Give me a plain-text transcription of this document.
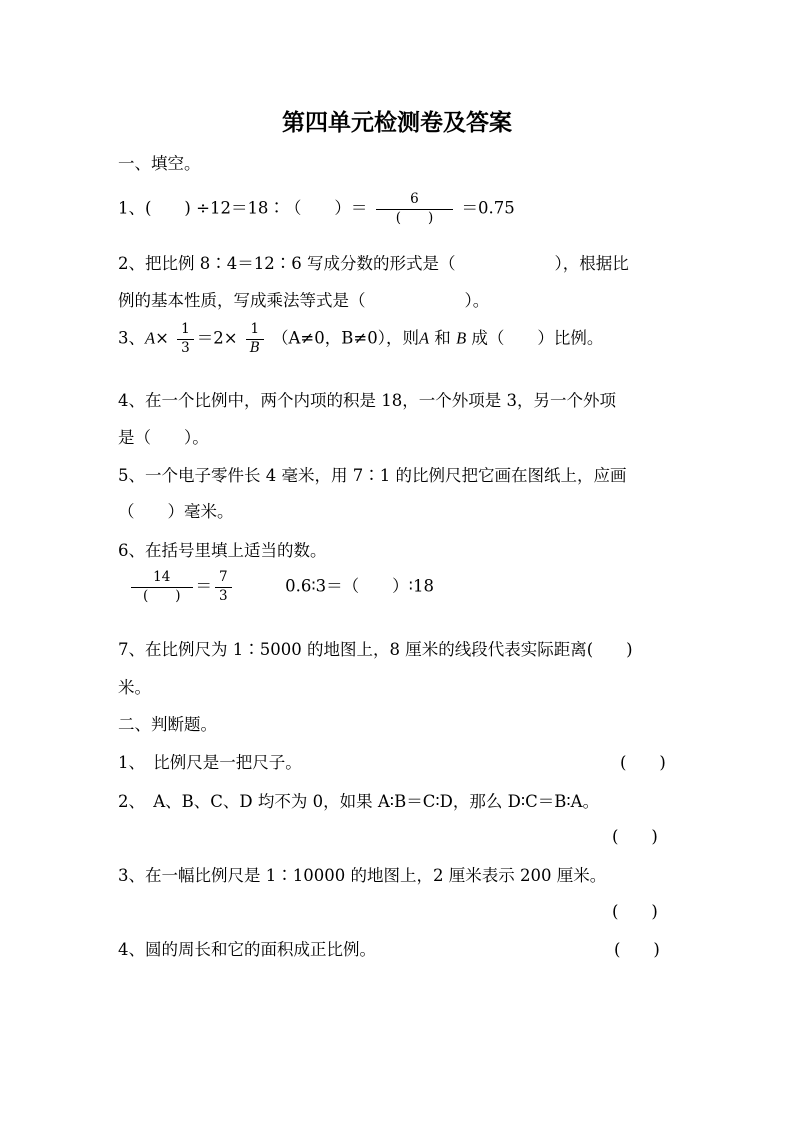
第四单元检测卷及答案
一、填空。
1、(　　) ÷12＝18∶（　　）＝ $\frac{6}{( )} =0.75$
2、把比例 8∶4＝12∶6 写成分数的形式是（　　　　　　），根据比
例的基本性质，写成乘法等式是（　　　　　　）。
3、$A\times \frac{1}{3} =2\times \frac{1}{B} (A\ne 0$，B≠0），则A 和 B 成（　　）比例。
4、在一个比例中，两个内项的积是 18，一个外项是 3，另一个外项
是（　　）。
5、一个电子零件长 4 毫米，用 7∶1 的比例尺把它画在图纸上，应画
（　　）毫米。
6、在括号里填上适当的数。
$\frac{14}{( )} = \frac{7}{3}$	0.6∶3＝（　　）∶18
7、在比例尺为 1∶5000 的地图上，8 厘米的线段代表实际距离(　　)
米。
二、判断题。
1、　比例尺是一把尺子。	(　　)
2、　A、B、C、D 均不为 0，如果 A∶B＝C∶D，那么 D∶C＝B∶A。
(　　)
3、在一幅比例尺是 1∶10000 的地图上，2 厘米表示 200 厘米。
(　　)
4、圆的周长和它的面积成正比例。	(　　)
